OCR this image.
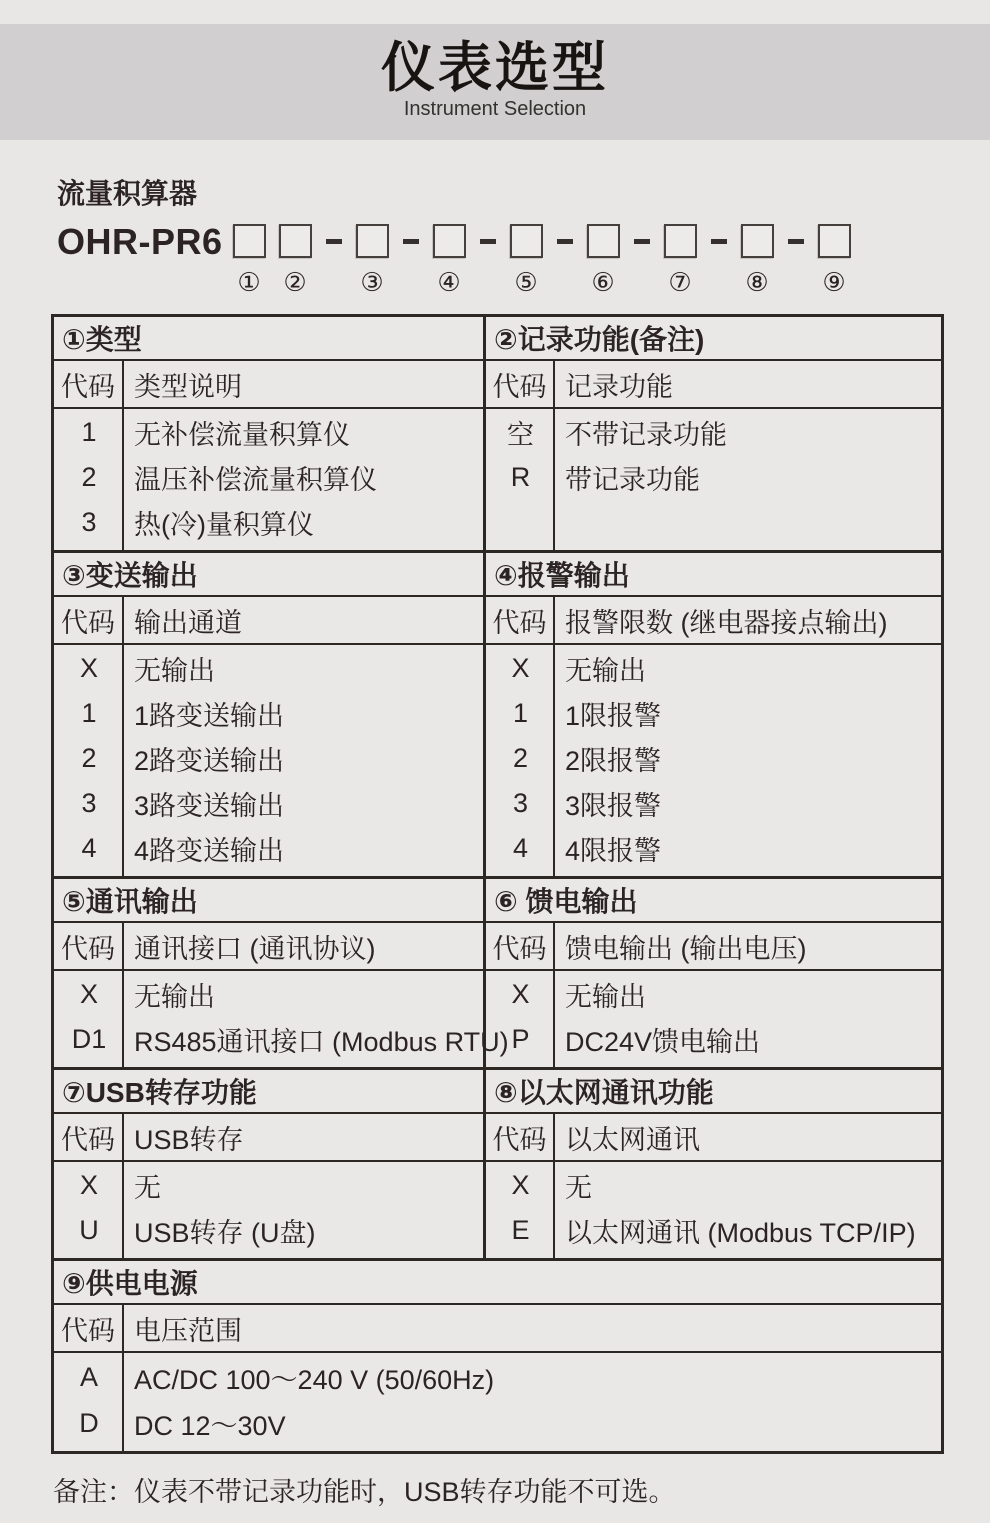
仪表选型
Instrument Selection
流量积算器
OHR-PR6
① ② ③ ④ ⑤ ⑥ ⑦ ⑧ ⑨
①类型
代码 类型说明
1	无补偿流量积算仪
2	温压补偿流量积算仪
3	热(冷)量积算仪
②记录功能(备注)
代码 记录功能
空	不带记录功能
R	带记录功能
③变送输出
代码 输出通道
X	无输出
1	1路变送输出
2	2路变送输出
3	3路变送输出
4	4路变送输出
④报警输出
代码 报警限数 (继电器接点输出)
X	无输出
1	1限报警
2	2限报警
3	3限报警
4	4限报警
⑤通讯输出
代码 通讯接口 (通讯协议)
X	无输出
D1	RS485通讯接口 (Modbus RTU)
⑥ 馈电输出
代码 馈电输出 (输出电压)
X	无输出
P	DC24V馈电输出
⑦USB转存功能
代码 USB转存
X	无
U	USB转存 (U盘)
⑧以太网通讯功能
代码 以太网通讯
X	无
E	以太网通讯 (Modbus TCP/IP)
⑨供电电源
代码 电压范围
A	AC/DC 100～240 V (50/60Hz)
D	DC 12～30V
备注：仪表不带记录功能时，USB转存功能不可选。
